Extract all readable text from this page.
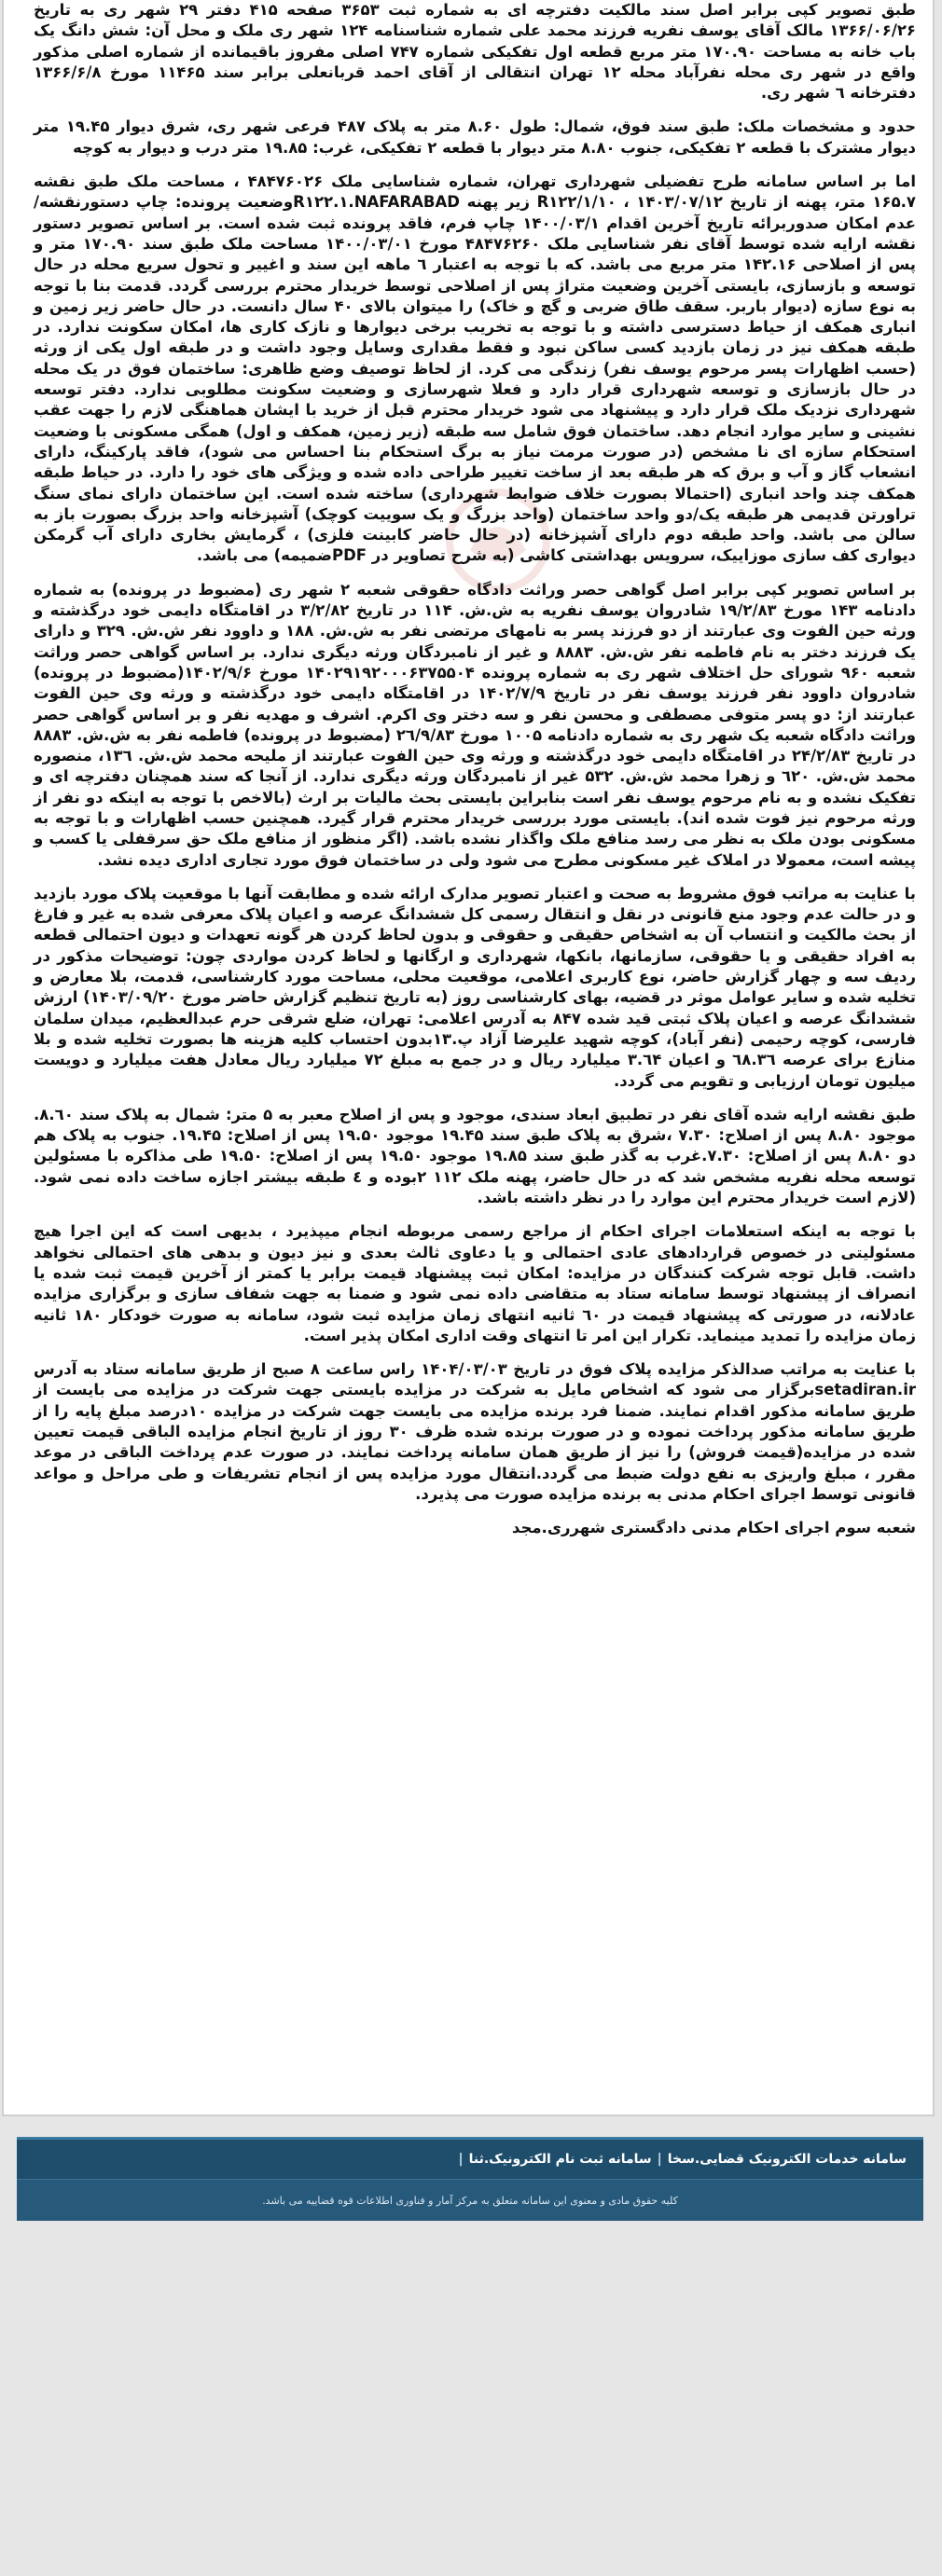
طبق تصویر کپی برابر اصل سند مالکیت دفترچه ای به شماره ثبت ۳۶۵۳ صفحه ۴۱۵ دفتر ۲۹ شهر ری به تاریخ ۱۳۶۶/۰۶/۲۶ مالک آقای یوسف نفریه فرزند محمد علی شماره شناسنامه ۱۲۴ شهر ری ملک و محل آن: شش دانگ یک باب خانه به مساحت ۱۷۰.۹۰ متر مربع قطعه اول تفکیکی شماره ۷۴۷ اصلی مفروز باقیمانده از شماره اصلی مذکور واقع در شهر ری محله نفرآباد محله ۱۲ تهران انتقالی از آقای احمد قربانعلی برابر سند ۱۱۴۶۵ مورخ ۱۳۶۶/۶/۸ دفترخانه ٦ شهر ری.

حدود و مشخصات ملک: طبق سند فوق، شمال: طول ۸.۶۰ متر به پلاک ۴۸۷ فرعی شهر ری، شرق دیوار ۱۹.۴۵ متر دیوار مشترک با قطعه ۲ تفکیکی، جنوب ۸.۸۰ متر دیوار با قطعه ۲ تفکیکی، غرب: ۱۹.۸۵ متر درب و دیوار به کوچه

اما بر اساس سامانه طرح تفضیلی شهرداری تهران، شماره شناسایی ملک ۴۸۴۷۶۰۲۶ ، مساحت ملک طبق نقشه ۱۶۵.۷ متر، پهنه از تاریخ ۱۴۰۳/۰۷/۱۲ ، ۱۰/R۱۲۲/۱ زیر پهنه R۱۲۲.۱.NAFARABADوضعیت پرونده: چاپ دستورنقشه/عدم امکان صدوربرائه تاریخ آخرین اقدام ۱۴۰۰/۰۳/۱ چاپ فرم، فاقد پرونده ثبت شده است. بر اساس تصویر دستور نقشه ارایه شده توسط آقای نفر شناسایی ملک ۴۸۴۷۶۲۶۰ مورخ ۱۴۰۰/۰۳/۰۱ مساحت ملک طبق سند ۱۷۰.۹۰ متر و پس از اصلاحی ۱۴۲.۱۶ متر مربع می باشد. که با توجه به اعتبار ٦ ماهه این سند و اغییر و تحول سریع محله در حال توسعه و بازسازی، بایستی آخرین وضعیت متراژ پس از اصلاحی توسط خریدار محترم بررسی گردد. قدمت بنا با توجه به نوع سازه (دیوار باربر. سقف طاق ضربی و گچ و خاک) را میتوان بالای ۴۰ سال دانست. در حال حاضر زیر زمین و انباری همکف از حیاط دسترسی داشته و با توجه به تخریب برخی دیوارها و نازک کاری ها، امکان سکونت ندارد. در طبقه همکف نیز در زمان بازدید کسی ساکن نبود و فقط مقداری وسایل وجود داشت و در طبقه اول یکی از ورثه (حسب اظهارات پسر مرحوم یوسف نفر) زندگی می کرد. از لحاظ توصیف وضع ظاهری: ساختمان فوق در یک محله در حال بازسازی و توسعه شهرداری قرار دارد و فعلا شهرسازی و وضعیت سکونت مطلوبی ندارد. دفتر توسعه شهرداری نزدیک ملک قرار دارد و پیشنهاد می شود خریدار محترم قبل از خرید با ایشان هماهنگی لازم را جهت عقب نشینی و سایر موارد انجام دهد. ساختمان فوق شامل سه طبقه (زیر زمین، همکف و اول) همگی مسکونی با وضعیت استحکام سازه ای نا مشخص (در صورت مرمت نیاز به برگ استحکام بنا احساس می شود)، فاقد پارکینگ، دارای انشعاب گاز و آب و برق که هر طبقه بعد از ساخت تغییر طراحی داده شده و ویژگی های خود را دارد. در حیاط طبقه همکف چند واحد انباری (احتمالا بصورت خلاف ضوابط شهرداری) ساخته شده است. این ساختمان دارای نمای سنگ تراورتن قدیمی هر طبقه یک/دو واحد ساختمان (واحد بزرگ و یک سوییت کوچک) آشپزخانه واحد بزرگ بصورت باز به سالن می باشد. واحد طبقه دوم دارای آشپزخانه (در حال حاضر کابینت فلزی) ، گرمایش بخاری دارای آب گرمکن دیواری کف سازی موزاییک، سرویس بهداشتی کاشی (به شرح تصاویر در PDFضمیمه) می باشد.

بر اساس تصویر کپی برابر اصل گواهی حصر وراثت دادگاه حقوقی شعبه ۲ شهر ری (مضبوط در پرونده) به شماره دادنامه ۱۴۳ مورخ ۱۹/۲/۸۳ شادروان یوسف نفریه به ش.ش. ۱۱۴ در تاریخ ۳/۲/۸۲ در اقامتگاه دایمی خود درگذشته و ورثه حین الفوت وی عبارتند از دو فرزند پسر به نامهای مرتضی نفر به ش.ش. ۱۸۸ و داوود نفر ش.ش. ۳۲۹ و دارای یک فرزند دختر به نام فاطمه نفر ش.ش. ۸۸۸۳ و غیر از نامبردگان ورثه دیگری ندارد. بر اساس گواهی حصر وراثت شعبه ۹۶۰ شورای حل اختلاف شهر ری به شماره پرونده ۱۴۰۲۹۱۹۲۰۰۰۶۳۷۵۵۰۴ مورخ ۱۴۰۲/۹/۶(مضبوط در پرونده) شادروان داوود نفر فرزند یوسف نفر در تاریخ ۱۴۰۲/۷/۹ در اقامتگاه دایمی خود درگذشته و ورثه وی حین الفوت عبارتند از: دو پسر متوفی مصطفی و محسن نفر و سه دختر وی اکرم. اشرف و مهدیه نفر و بر اساس گواهی حصر وراثت دادگاه شعبه یک شهر ری به شماره دادنامه ۱۰۰۵ مورخ ۲٦/۹/۸۳ (مضبوط در پرونده) فاطمه نفر به ش.ش. ۸۸۸۳ در تاریخ ۲۴/۲/۸۳ در اقامتگاه دایمی خود درگذشته و ورثه وی حین الفوت عبارتند از ملیحه محمد ش.ش. ۱۳٦، منصوره محمد ش.ش. ٦۲۰ و زهرا محمد ش.ش. ۵۳۲ غیر از نامبردگان ورثه دیگری ندارد. از آنجا که سند همچنان دفترچه ای و تفکیک نشده و به نام مرحوم یوسف نفر است بنابراین بایستی بحث مالیات بر ارث (بالاخص با توجه به اینکه دو نفر از ورثه مرحوم نیز فوت شده اند). بایستی مورد بررسی خریدار محترم قرار گیرد. همچنین حسب اظهارات و با توجه به مسکونی بودن ملک به نظر می رسد منافع ملک واگذار نشده باشد. (اگر منظور از منافع ملک حق سرقفلی یا کسب و پیشه است، معمولا در املاک غیر مسکونی مطرح می شود ولی در ساختمان فوق مورد تجاری اداری دیده نشد.

با عنایت به مراتب فوق مشروط به صحت و اعتبار تصویر مدارک ارائه شده و مطابقت آنها با موقعیت پلاک مورد بازدید و در حالت عدم وجود منع قانونی در نقل و انتقال رسمی کل ششدانگ عرصه و اعیان پلاک معرفی شده به غیر و فارغ از بحث مالکیت و انتساب آن به اشخاص حقیقی و حقوقی و بدون لحاظ کردن هر گونه تعهدات و دیون احتمالی قطعه به افراد حقیقی و یا حقوقی، سازمانها، بانکها، شهرداری و ارگانها و لحاظ کردن مواردی چون: توضیحات مذکور در ردیف سه و چهار گزارش حاضر، نوع کاربری اعلامی، موقعیت محلی، مساحت مورد کارشناسی، قدمت، بلا معارض و تخلیه شده و سایر عوامل موثر در قضیه، بهای کارشناسی روز (به تاریخ تنظیم گزارش حاضر مورخ ۱۴۰۳/۰۹/۲۰) ارزش ششدانگ عرصه و اعیان پلاک ثبتی قید شده ۸۴۷ به آدرس اعلامی: تهران، ضلع شرقی حرم عبدالعظیم، میدان سلمان فارسی، کوچه رحیمی (نفر آباد)، کوچه شهید علیرضا آزاد پ.۱۳بدون احتساب کلیه هزینه ها بصورت تخلیه شده و بلا منازع برای عرصه ٦۸.۳٦ و اعیان ۳.٦۴ میلیارد ریال و در جمع به مبلغ ۷۲ میلیارد ریال معادل هفت میلیارد و دویست میلیون تومان ارزیابی و تقویم می گردد.

طبق نقشه ارایه شده آقای نفر در تطبیق ابعاد سندی، موجود و پس از اصلاح معبر به ۵ متر: شمال به پلاک سند ۸.٦۰. موجود ۸.۸۰ پس از اصلاح: ۷.۳۰ ،شرق به پلاک طبق سند ۱۹.۴۵ موجود ۱۹.۵۰ پس از اصلاح: ۱۹.۴۵. جنوب به پلاک هم دو ۸.۸۰ پس از اصلاح: ۷.۳۰.غرب به گذر طبق سند ۱۹.۸۵ موجود ۱۹.۵۰ پس از اصلاح: ۱۹.۵۰ طی مذاکره با مسئولین توسعه محله نفریه مشخص شد که در حال حاضر، پهنه ملک ۱۱۲ ۲بوده و ٤ طبقه بیشتر اجازه ساخت داده نمی شود. (لازم است خریدار محترم این موارد را در نظر داشته باشد.

با توجه به اینکه استعلامات اجرای احکام از مراجع رسمی مربوطه انجام میپذیرد ، بدیهی است که این اجرا هیچ مسئولیتی در خصوص قراردادهای عادی احتمالی و یا دعاوی ثالث بعدی و نیز دیون و بدهی های احتمالی نخواهد داشت. قابل توجه شرکت کنندگان در مزایده: امکان ثبت پیشنهاد قیمت برابر یا کمتر از آخرین قیمت ثبت شده یا انصراف از پیشنهاد توسط سامانه ستاد به متقاضی داده نمی شود و ضمنا به جهت شفاف سازی و برگزاری مزایده عادلانه، در صورتی که پیشنهاد قیمت در ٦۰ ثانیه انتهای زمان مزایده ثبت شود، سامانه به صورت خودکار ۱۸۰ ثانیه زمان مزایده را تمدید مینماید. تکرار این امر تا انتهای وقت اداری امکان پذیر است.

با عنایت به مراتب صدالذکر مزایده پلاک فوق در تاریخ ۱۴۰۴/۰۳/۰۳ راس ساعت ۸ صبح از طریق سامانه ستاد به آدرس setadiran.irبرگزار می شود که اشخاص مایل به شرکت در مزایده بایستی جهت شرکت در مزایده می بایست از طریق سامانه مذکور اقدام نمایند. ضمنا فرد برنده مزایده می بایست جهت شرکت در مزایده ۱۰درصد مبلغ پایه را از طریق سامانه مذکور پرداخت نموده و در صورت برنده شده ظرف ۳۰ روز از تاریخ انجام مزایده الباقی قیمت تعیین شده در مزایده(قیمت فروش) را نیز از طریق همان سامانه پرداخت نمایند. در صورت عدم پرداخت الباقی در موعد مقرر ، مبلغ واریزی به نفع دولت ضبط می گردد.انتقال مورد مزایده پس از انجام تشریفات و طی مراحل و مواعد قانونی توسط اجرای احکام مدنی به برنده مزایده صورت می پذیرد.

شعبه سوم اجرای احکام مدنی دادگستری شهرری.مجد

سامانه خدمات الکترونیک قضایی.سخا
|
سامانه ثبت نام الکترونیک.ثنا
|
کلیه حقوق مادی و معنوی این سامانه متعلق به مرکز آمار و فناوری اطلاعات قوه قضاییه می باشد.
